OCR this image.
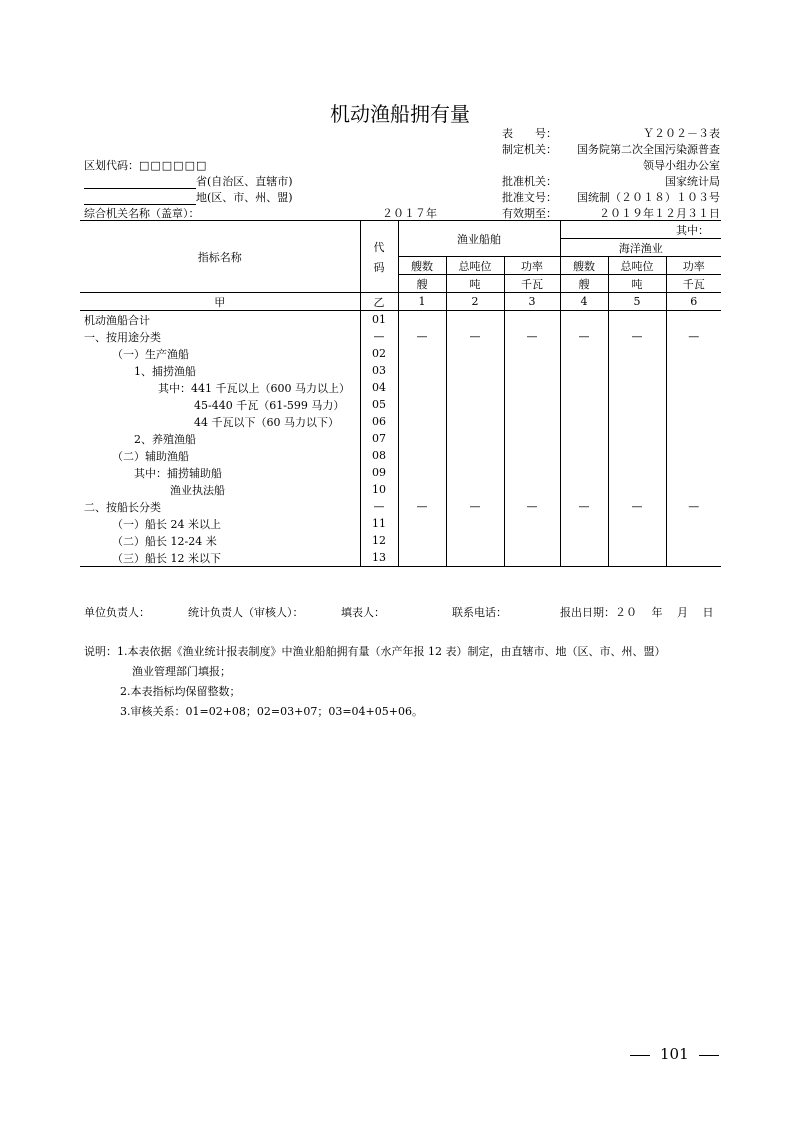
机动渔船拥有量
表　　号：	Ｙ２０２－３表
制定机关： 国务院第二次全国污染源普查
领导小组办公室
批准机关：	国家统计局
批准文号： 国统制（２０１８）１０３号
有效期至：	２０１９年１２月３１日
区划代码：□□□□□□
省(自治区、直辖市)
地(区、市、州、盟)
综合机关名称（盖章）：	２０１７年
指标名称	代
码	渔业船舶			其中：		
					海洋渔业		
		艘数	总吨位	功率	艘数	总吨位	功率
		艘	吨	千瓦	艘	吨	千瓦
甲	乙	1	2	3	4	5	6
机动渔船合计	01						
一、按用途分类	—	—	—	—	—	—	—
（一）生产渔船	02						
1、捕捞渔船	03						
其中：441 千瓦以上（600 马力以上）	04						
45-440 千瓦（61-599 马力）	05						
44 千瓦以下（60 马力以下）	06						
2、养殖渔船	07						
（二）辅助渔船	08						
其中：捕捞辅助船	09						
渔业执法船	10						
二、按船长分类	—	—	—	—	—	—	—
（一）船长 24 米以上	11						
（二）船长 12-24 米	12						
（三）船长 12 米以下	13						
单位负责人：	统计负责人（审核人）：	填表人：	联系电话：	报出日期：２０　 年　 月　 日
说明：1.本表依据《渔业统计报表制度》中渔业船舶拥有量（水产年报 12 表）制定，由直辖市、地（区、市、州、盟）
渔业管理部门填报；
2.本表指标均保留整数；
3.审核关系：01=02+08；02=03+07；03=04+05+06。
101
